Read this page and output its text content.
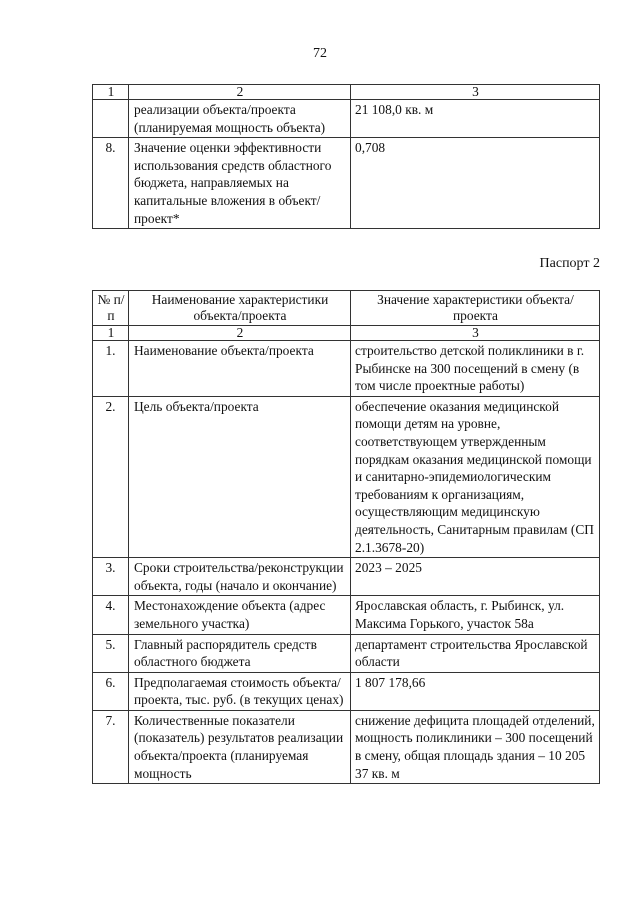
72
1	2	3
	реализации объекта/проекта (планируемая мощность объекта)	21 108,0 кв. м
8.	Значение оценки эффективности использования средств областного бюджета, направляемых на капитальные вложения в объект/проект*	0,708
Паспорт 2
№ п/п	Наименование характеристики объекта/проекта	Значение характеристики объекта/проекта
1	2	3
1.	Наименование объекта/проекта	строительство детской поликлиники в г. Рыбинске на 300 посещений в смену (в том числе проектные работы)
2.	Цель объекта/проекта	обеспечение оказания медицинской помощи детям на уровне, соответствующем утвержденным порядкам оказания медицинской помощи и санитарно-эпидемиологическим требованиям к организациям, осуществляющим медицинскую деятельность, Санитарным правилам (СП 2.1.3678-20)
3.	Сроки строительства/реконструкции объекта, годы (начало и окончание)	2023 – 2025
4.	Местонахождение объекта (адрес земельного участка)	Ярославская область, г. Рыбинск, ул. Максима Горького, участок 58а
5.	Главный распорядитель средств областного бюджета	департамент строительства Ярославской области
6.	Предполагаемая стоимость объекта/проекта, тыс. руб. (в текущих ценах)	1 807 178,66
7.	Количественные показатели (показатель) результатов реализации объекта/проекта (планируемая мощность	снижение дефицита площадей отделений, мощность поликлиники – 300 посещений в смену, общая площадь здания – 10 205 37 кв. м
